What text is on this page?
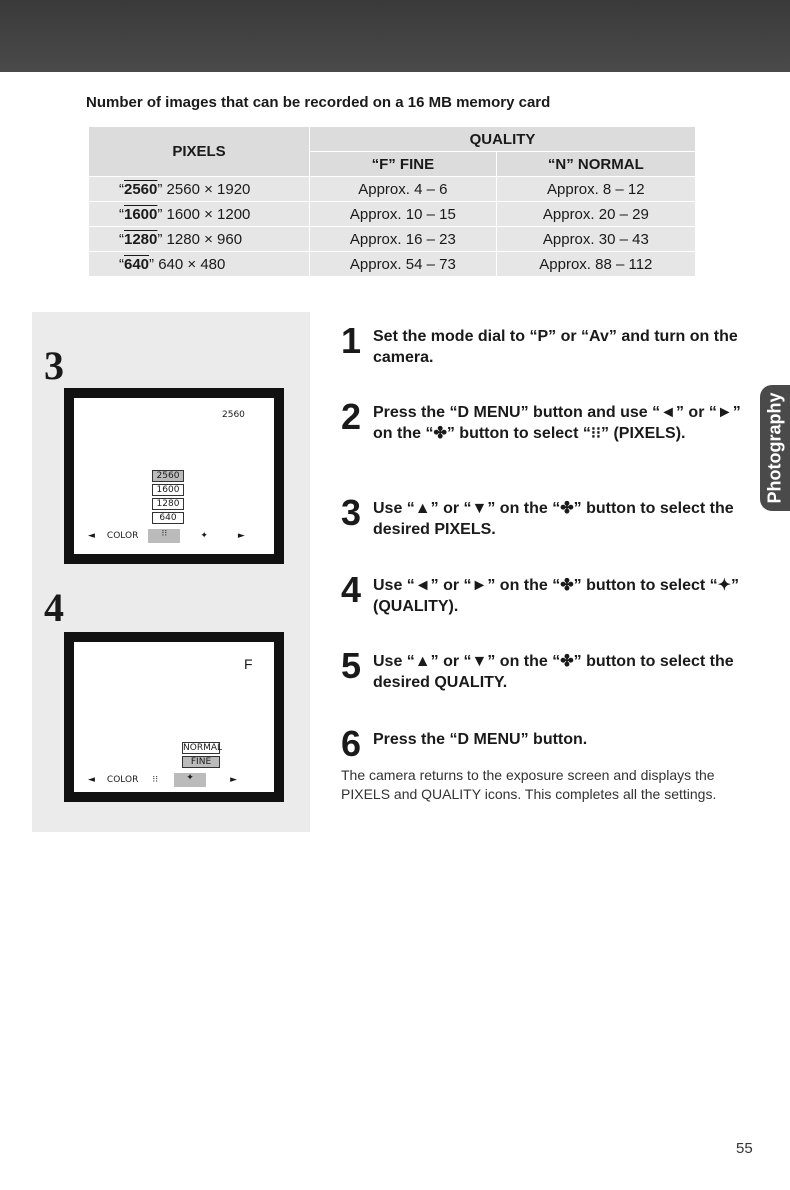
Number of images that can be recorded on a 16 MB memory card
PIXELS	QUALITY	
	“F” FINE	“N” NORMAL
“2560” 2560 × 1920	Approx. 4 – 6	Approx. 8 – 12
“1600” 1600 × 1200	Approx. 10 – 15	Approx. 20 – 29
“1280” 1280 × 960	Approx. 16 – 23	Approx. 30 – 43
“640” 640 × 480	Approx. 54 – 73	Approx. 88 – 112
3
2560
2560
1600
1280
640
◄ COLOR	⁝⁝	✦	►
4
F
NORMAL
FINE
◄ COLOR ⁝⁝	✦	►
1 Set the mode dial to “P” or “Av” and turn on the camera.
2 Press the “D MENU” button and use “◄” or “►” on the “✤” button to select “⁝⁝” (PIXELS).
3 Use “▲” or “▼” on the “✤” button to select the desired PIXELS.
4 Use “◄” or “►” on the “✤” button to select “✦” (QUALITY).
5 Use “▲” or “▼” on the “✤” button to select the desired QUALITY.
6 Press the “D MENU” button.
The camera returns to the exposure screen and displays the PIXELS and QUALITY icons. This completes all the settings.
Photography
55
